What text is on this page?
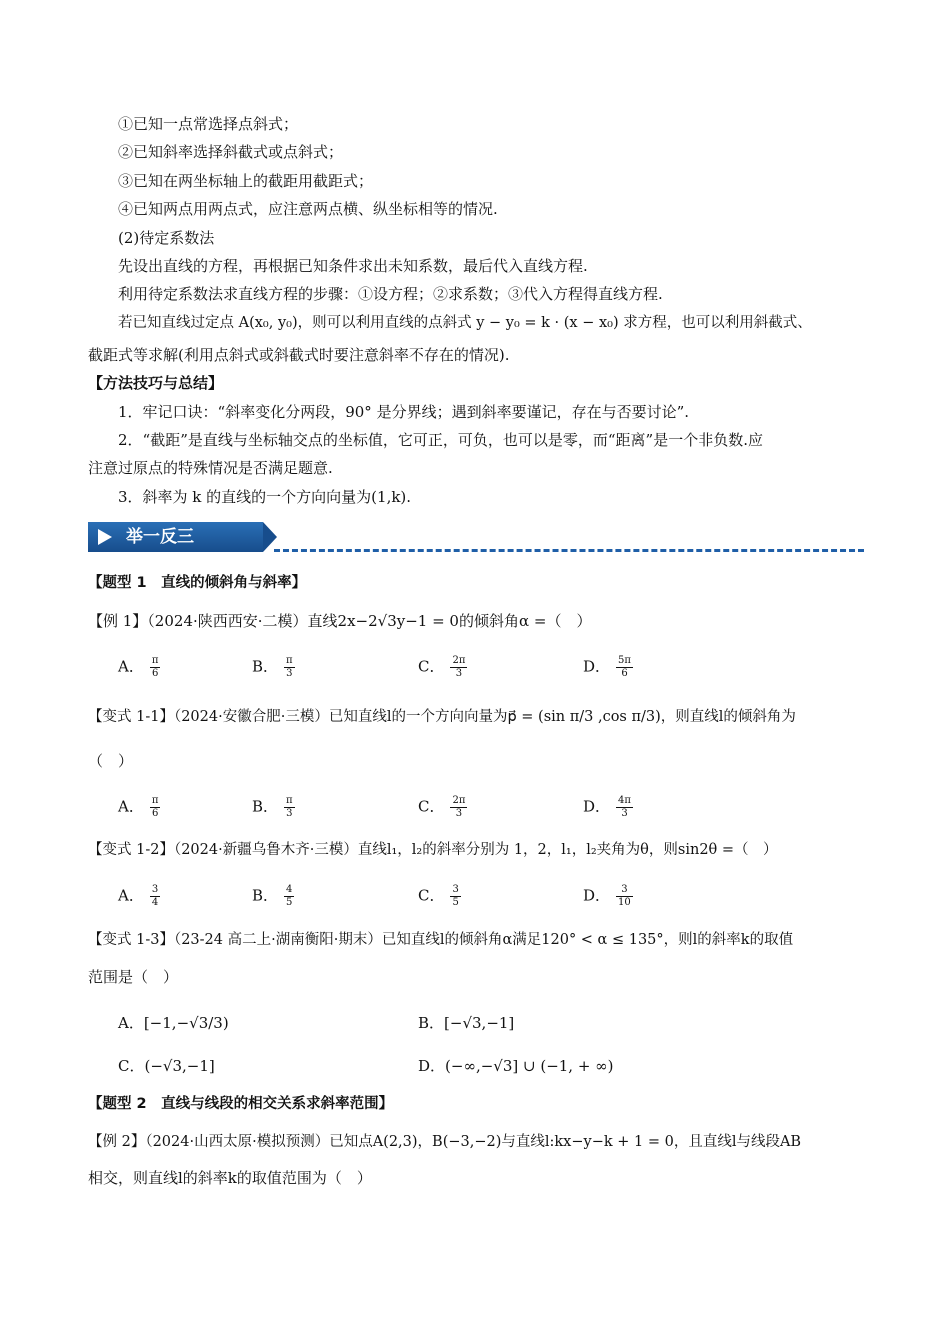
①已知一点常选择点斜式；
②已知斜率选择斜截式或点斜式；
③已知在两坐标轴上的截距用截距式；
④已知两点用两点式，应注意两点横、纵坐标相等的情况.
(2)待定系数法
先设出直线的方程，再根据已知条件求出未知系数，最后代入直线方程.
利用待定系数法求直线方程的步骤：①设方程；②求系数；③代入方程得直线方程.
若已知直线过定点 A(x₀, y₀)，则可以利用直线的点斜式 y − y₀ = k · (x − x₀) 求方程，也可以利用斜截式、
截距式等求解(利用点斜式或斜截式时要注意斜率不存在的情况).
【方法技巧与总结】
1．牢记口诀：“斜率变化分两段，90° 是分界线；遇到斜率要谨记，存在与否要讨论”.
2．“截距”是直线与坐标轴交点的坐标值，它可正，可负，也可以是零，而“距离”是一个非负数.应
注意过原点的特殊情况是否满足题意.
3．斜率为 k 的直线的一个方向向量为(1,k).
举一反三
【题型 1　直线的倾斜角与斜率】
【例 1】（2024·陕西西安·二模）直线2x−2√3y−1 = 0的倾斜角α =（　）
A． $\frac{\pi}{6}$	B． $\frac{\pi}{3}$	C． $\frac{2\pi}{3}$	D． $\frac{5\pi}{6}$
【变式 1-1】（2024·安徽合肥·三模）已知直线l的一个方向向量为p⃗ = (sin π/3 ,cos π/3)，则直线l的倾斜角为
（　）
A． $\frac{\pi}{6}$	B． $\frac{\pi}{3}$	C． $\frac{2\pi}{3}$	D． $\frac{4\pi}{3}$
【变式 1-2】（2024·新疆乌鲁木齐·三模）直线l₁，l₂的斜率分别为 1，2，l₁，l₂夹角为θ，则sin2θ =（　）
A． $\frac{3}{4}$	B． $\frac{4}{5}$	C． $\frac{3}{5}$	D． $\frac{3}{10}$
【变式 1-3】（23-24 高二上·湖南衡阳·期末）已知直线l的倾斜角α满足120° < α ≤ 135°，则l的斜率k的取值
范围是（　）
A．[−1,−√3/3)	B．[−√3,−1]
C．(−√3,−1]	D．(−∞,−√3] ∪ (−1, + ∞)
【题型 2　直线与线段的相交关系求斜率范围】
【例 2】（2024·山西太原·模拟预测）已知点A(2,3)，B(−3,−2)与直线l:kx−y−k + 1 = 0，且直线l与线段AB
相交，则直线l的斜率k的取值范围为（　）
